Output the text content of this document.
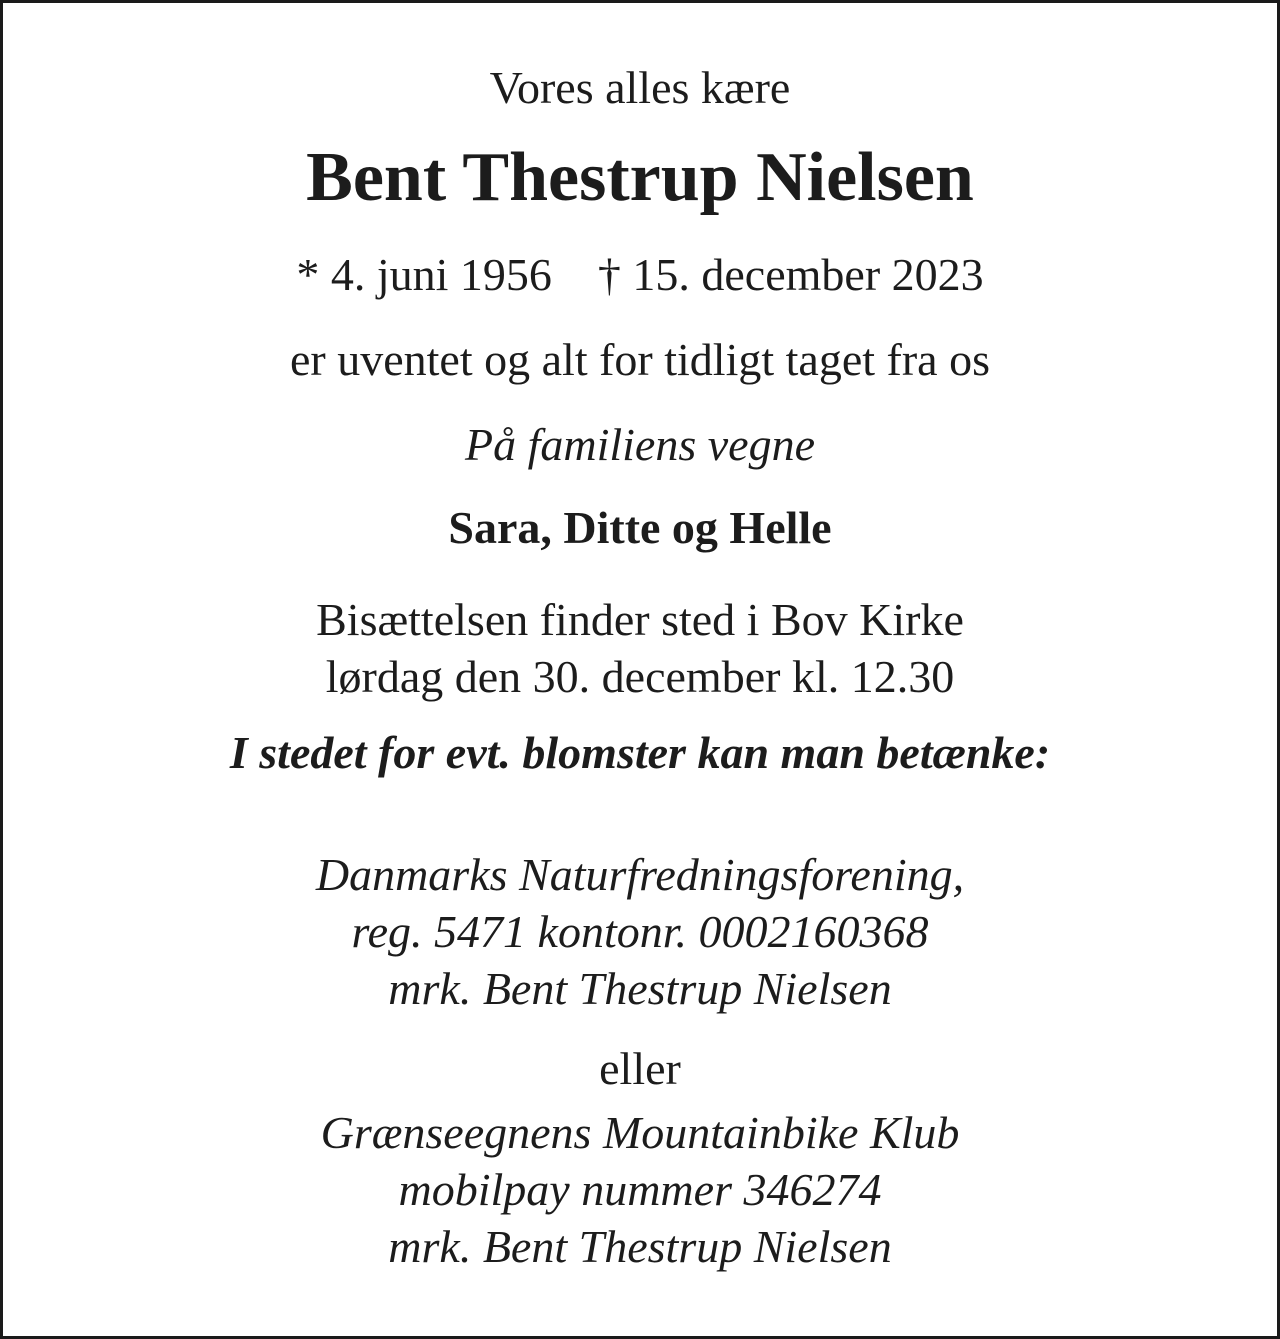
Vores alles kære
Bent Thestrup Nielsen
* 4. juni 1956 † 15. december 2023
er uventet og alt for tidligt taget fra os
På familiens vegne
Sara, Ditte og Helle
Bisættelsen finder sted i Bov Kirke
lørdag den 30. december kl. 12.30
I stedet for evt. blomster kan man betænke:
Danmarks Naturfredningsforening,
reg. 5471 kontonr. 0002160368
mrk. Bent Thestrup Nielsen
eller
Grænseegnens Mountainbike Klub
mobilpay nummer 346274
mrk. Bent Thestrup Nielsen
